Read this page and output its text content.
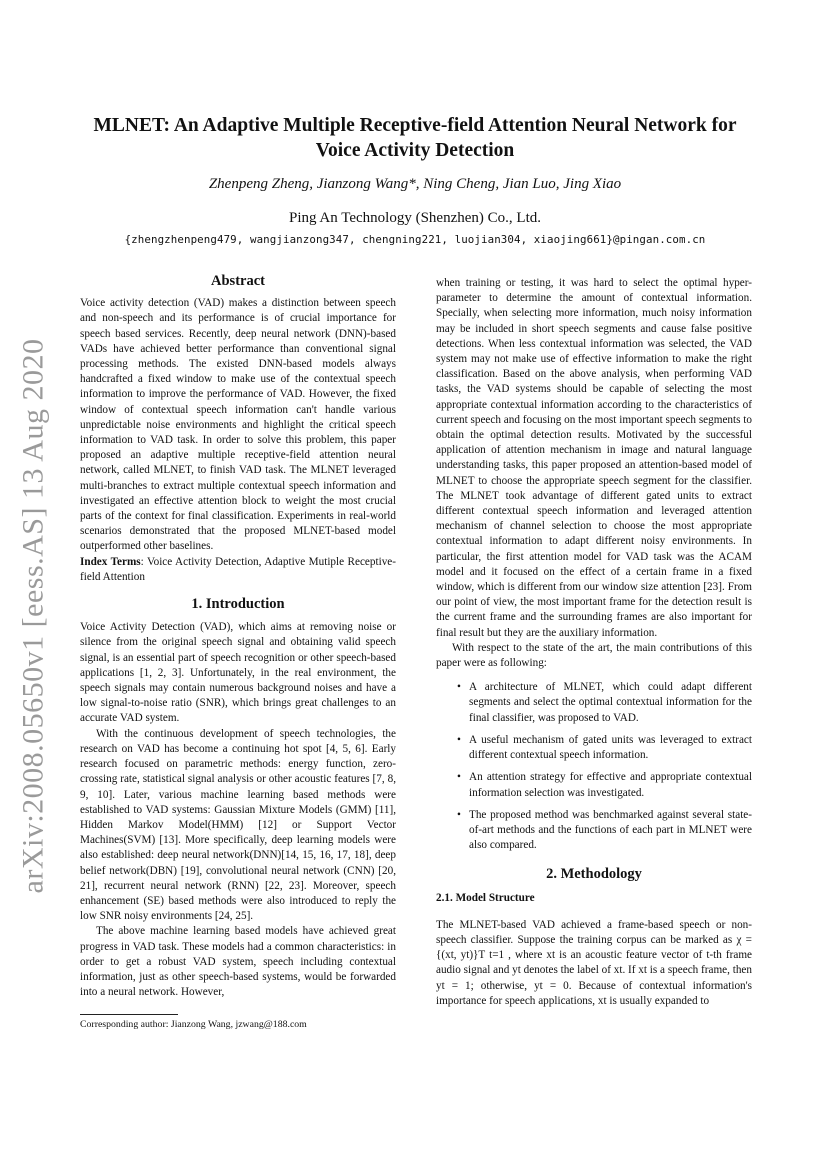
arXiv:2008.05650v1 [eess.AS] 13 Aug 2020
MLNET: An Adaptive Multiple Receptive-field Attention Neural Network for Voice Activity Detection
Zhenpeng Zheng, Jianzong Wang*, Ning Cheng, Jian Luo, Jing Xiao
Ping An Technology (Shenzhen) Co., Ltd.
{zhengzhenpeng479, wangjianzong347, chengning221, luojian304, xiaojing661}@pingan.com.cn
Abstract

Voice activity detection (VAD) makes a distinction between speech and non-speech and its performance is of crucial importance for speech based services. Recently, deep neural network (DNN)-based VADs have achieved better performance than conventional signal processing methods. The existed DNN-based models always handcrafted a fixed window to make use of the contextual speech information to improve the performance of VAD. However, the fixed window of contextual speech information can't handle various unpredictable noise environments and highlight the critical speech information to VAD task. In order to solve this problem, this paper proposed an adaptive multiple receptive-field attention neural network, called MLNET, to finish VAD task. The MLNET leveraged multi-branches to extract multiple contextual speech information and investigated an effective attention block to weight the most crucial parts of the context for final classification. Experiments in real-world scenarios demonstrated that the proposed MLNET-based model outperformed other baselines.

Index Terms: Voice Activity Detection, Adaptive Mutiple Receptive-field Attention

1. Introduction

Voice Activity Detection (VAD), which aims at removing noise or silence from the original speech signal and obtaining valid speech signal, is an essential part of speech recognition or other speech-based applications [1, 2, 3]. Unfortunately, in the real environment, the speech signals may contain numerous background noises and have a low signal-to-noise ratio (SNR), which brings great challenges to an accurate VAD system.

With the continuous development of speech technologies, the research on VAD has become a continuing hot spot [4, 5, 6]. Early research focused on parametric methods: energy function, zero-crossing rate, statistical signal analysis or other acoustic features [7, 8, 9, 10]. Later, various machine learning based methods were established to VAD systems: Gaussian Mixture Models (GMM) [11], Hidden Markov Model(HMM) [12] or Support Vector Machines(SVM) [13]. More specifically, deep learning models were also established: deep neural network(DNN)[14, 15, 16, 17, 18], deep belief network(DBN) [19], convolutional neural network (CNN) [20, 21], recurrent neural network (RNN) [22, 23]. Moreover, speech enhancement (SE) based methods were also introduced to reply the low SNR noisy environments [24, 25].

The above machine learning based models have achieved great progress in VAD task. These models had a common characteristics: in order to get a robust VAD system, speech including contextual information, just as other speech-based systems, would be forwarded into a neural network. However,

Corresponding author: Jianzong Wang, jzwang@188.com

when training or testing, it was hard to select the optimal hyper-parameter to determine the amount of contextual information. Specially, when selecting more information, much noisy information may be included in short speech segments and cause false positive detections. When less contextual information was selected, the VAD system may not make use of effective information to make the right classification. Based on the above analysis, when performing VAD tasks, the VAD systems should be capable of selecting the most appropriate contextual information according to the characteristics of current speech and focusing on the most important speech segments to obtain the optimal detection results. Motivated by the successful application of attention mechanism in image and natural language understanding tasks, this paper proposed an attention-based model of MLNET to choose the appropriate speech segment for the classifier. The MLNET took advantage of different gated units to extract different contextual speech information and leveraged attention mechanism of channel selection to choose the most appropriate contextual information to adapt different noisy environments. In particular, the first attention model for VAD task was the ACAM model and it focused on the effect of a certain frame in a fixed window, which is different from our window size attention [23]. From our point of view, the most important frame for the detection result is the current frame and the surrounding frames are also important for final result but they are the auxiliary information.

With respect to the state of the art, the main contributions of this paper were as following:

• A architecture of MLNET, which could adapt different segments and select the optimal contextual information for the final classifier, was proposed to VAD.
• A useful mechanism of gated units was leveraged to extract different contextual speech information.
• An attention strategy for effective and appropriate contextual information selection was investigated.
• The proposed method was benchmarked against several state-of-art methods and the functions of each part in MLNET were also compared.
2. Methodology
2.1. Model Structure

The MLNET-based VAD achieved a frame-based speech or non-speech classifier. Suppose the training corpus can be marked as χ = {(xt, yt)}T t=1 , where xt is an acoustic feature vector of t-th frame audio signal and yt denotes the label of xt. If xt is a speech frame, then yt = 1; otherwise, yt = 0. Because of contextual information's importance for speech applications, xt is usually expanded to
